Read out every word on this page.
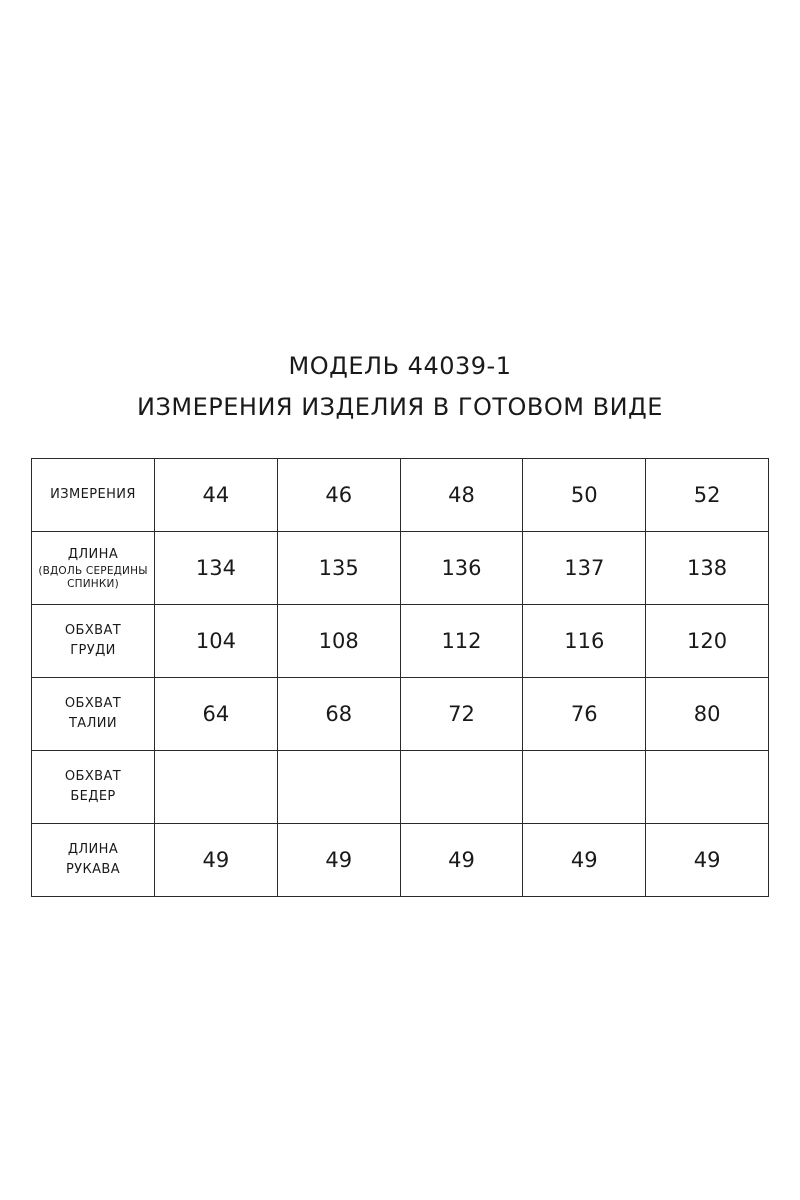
МОДЕЛЬ 44039-1
ИЗМЕРЕНИЯ ИЗДЕЛИЯ В ГОТОВОМ ВИДЕ
ИЗМЕРЕНИЯ	44	46	48	50	52

ДЛИНА
(ВДОЛЬ СЕРЕДИНЫ
СПИНКИ)	134	135	136	137	138

ОБХВАТ
ГРУДИ	104	108	112	116	120

ОБХВАТ
ТАЛИИ	64	68	72	76	80

ОБХВАТ
БЕДЕР					

ДЛИНА
РУКАВА	49	49	49	49	49
